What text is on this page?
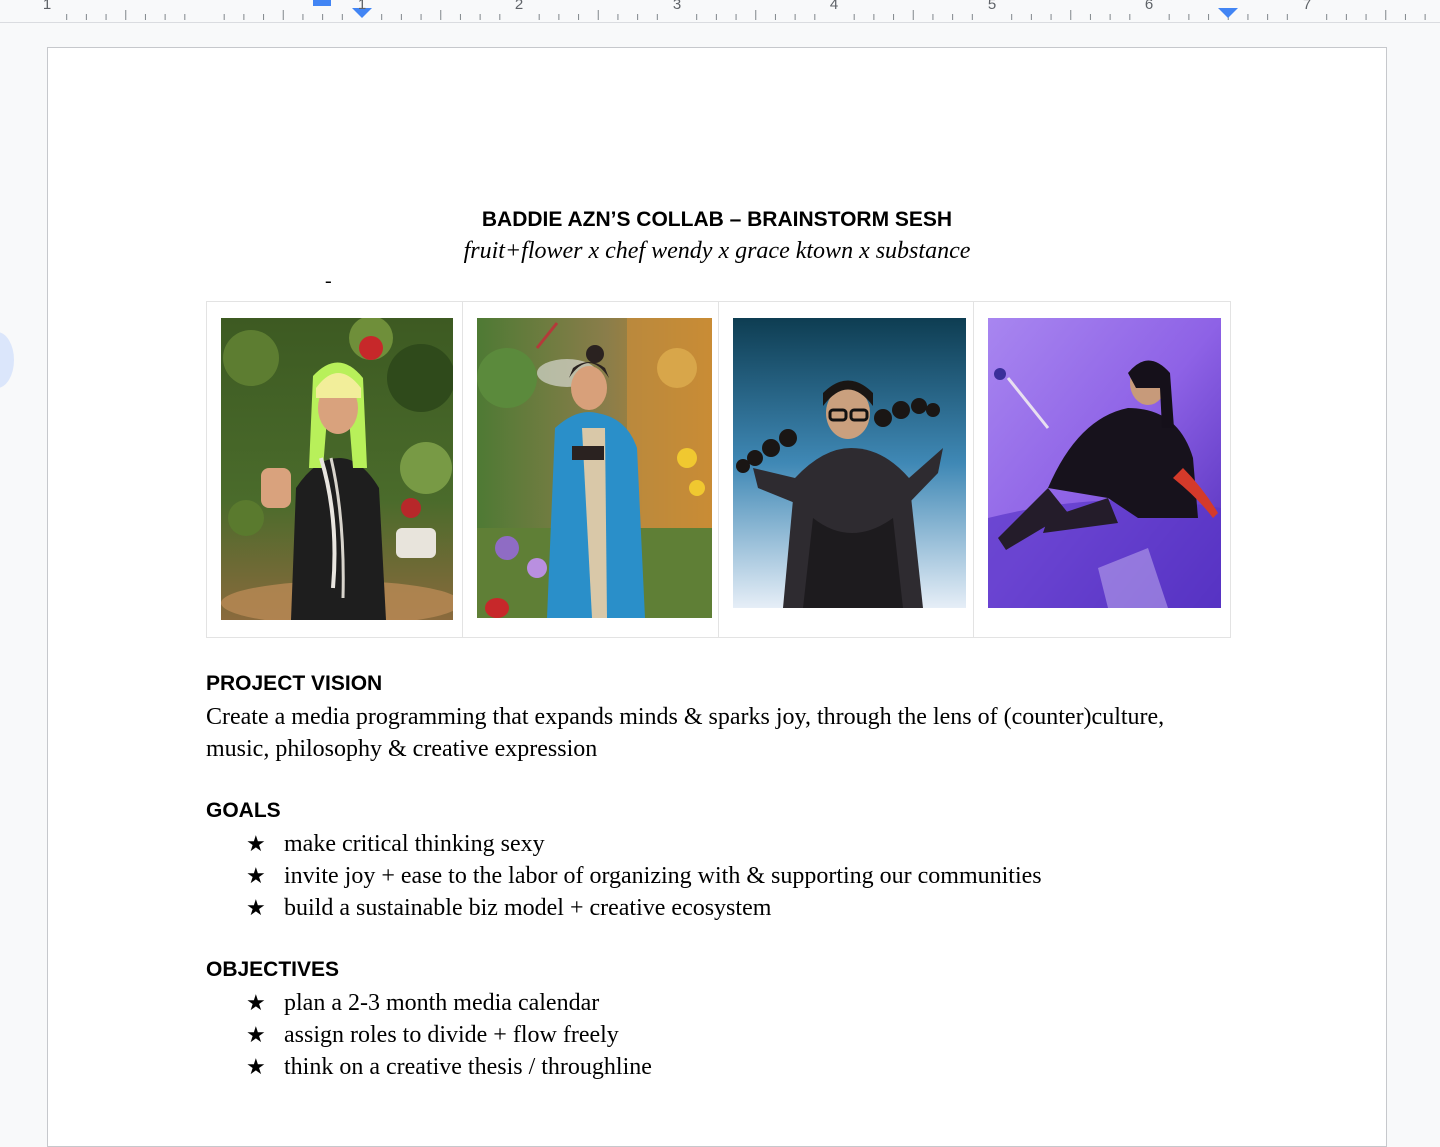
1	1	2	3	4	5	6	7
BADDIE AZN’S COLLAB – BRAINSTORM SESH
fruit+flower x chef wendy x grace ktown x substance
-
PROJECT VISION
Create a media programming that expands minds & sparks joy, through the lens of (counter)culture, music, philosophy & creative expression
GOALS
★ make critical thinking sexy
★ invite joy + ease to the labor of organizing with & supporting our communities
★ build a sustainable biz model + creative ecosystem
OBJECTIVES
★ plan a 2-3 month media calendar
★ assign roles to divide + flow freely
★ think on a creative thesis / throughline
